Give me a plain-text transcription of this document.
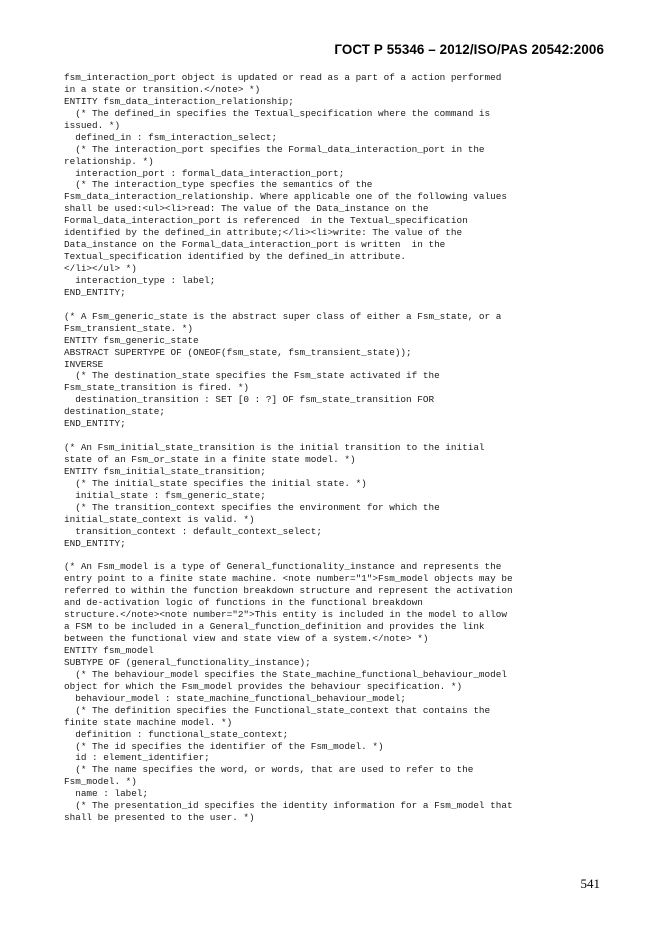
ГОСТ Р 55346 – 2012/ISO/PAS 20542:2006
fsm_interaction_port object is updated or read as a part of a action performed
in a state or transition.</note> *)
ENTITY fsm_data_interaction_relationship;
(* The defined_in specifies the Textual_specification where the command is
issued. *)
defined_in : fsm_interaction_select;
(* The interaction_port specifies the Formal_data_interaction_port in the
relationship. *)
interaction_port : formal_data_interaction_port;
(* The interaction_type specfies the semantics of the
Fsm_data_interaction_relationship. Where applicable one of the following values
shall be used:<ul><li>read: The value of the Data_instance on the
Formal_data_interaction_port is referenced  in the Textual_specification
identified by the defined_in attribute;</li><li>write: The value of the
Data_instance on the Formal_data_interaction_port is written  in the
Textual_specification identified by the defined_in attribute.
</li></ul> *)
interaction_type : label;
END_ENTITY;
(* A Fsm_generic_state is the abstract super class of either a Fsm_state, or a
Fsm_transient_state. *)
ENTITY fsm_generic_state
ABSTRACT SUPERTYPE OF (ONEOF(fsm_state, fsm_transient_state));
INVERSE
(* The destination_state specifies the Fsm_state activated if the
Fsm_state_transition is fired. *)
destination_transition : SET [0 : ?] OF fsm_state_transition FOR
destination_state;
END_ENTITY;
(* An Fsm_initial_state_transition is the initial transition to the initial
state of an Fsm_or_state in a finite state model. *)
ENTITY fsm_initial_state_transition;
(* The initial_state specifies the initial state. *)
initial_state : fsm_generic_state;
(* The transition_context specifies the environment for which the
initial_state_context is valid. *)
transition_context : default_context_select;
END_ENTITY;
(* An Fsm_model is a type of General_functionality_instance and represents the
entry point to a finite state machine. <note number="1">Fsm_model objects may be
referred to within the function breakdown structure and represent the activation
and de-activation logic of functions in the functional breakdown
structure.</note><note number="2">This entity is included in the model to allow
a FSM to be included in a General_function_definition and provides the link
between the functional view and state view of a system.</note> *)
ENTITY fsm_model
SUBTYPE OF (general_functionality_instance);
(* The behaviour_model specifies the State_machine_functional_behaviour_model
object for which the Fsm_model provides the behaviour specification. *)
behaviour_model : state_machine_functional_behaviour_model;
(* The definition specifies the Functional_state_context that contains the
finite state machine model. *)
definition : functional_state_context;
(* The id specifies the identifier of the Fsm_model. *)
id : element_identifier;
(* The name specifies the word, or words, that are used to refer to the
Fsm_model. *)
name : label;
(* The presentation_id specifies the identity information for a Fsm_model that
shall be presented to the user. *)
541
